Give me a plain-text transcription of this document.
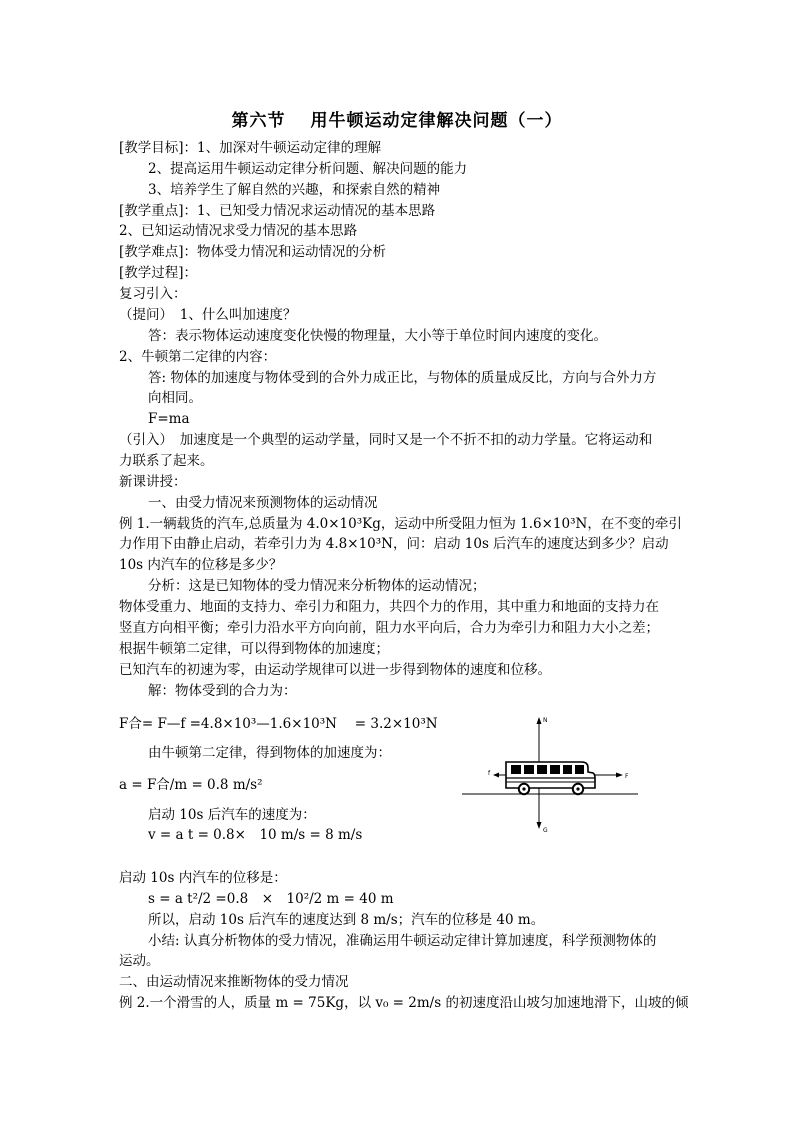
第六节　 用牛顿运动定律解决问题（一）
[教学目标]：1、加深对牛顿运动定律的理解
2、提高运用牛顿运动定律分析问题、解决问题的能力
3、培养学生了解自然的兴趣，和探索自然的精神
[教学重点]：1、已知受力情况求运动情况的基本思路
2、已知运动情况求受力情况的基本思路
[教学难点]：物体受力情况和运动情况的分析
[教学过程]：
复习引入：
（提问）　1、什么叫加速度？
答：表示物体运动速度变化快慢的物理量，大小等于单位时间内速度的变化。
2、牛顿第二定律的内容：
答: 物体的加速度与物体受到的合外力成正比，与物体的质量成反比，方向与合外力方
向相同。
F=ma
（引入）　加速度是一个典型的运动学量，同时又是一个不折不扣的动力学量。它将运动和
力联系了起来。
新课讲授：
一、由受力情况来预测物体的运动情况
例 1.一辆载货的汽车,总质量为 4.0×10³Kg，运动中所受阻力恒为 1.6×10³N，在不变的牵引
力作用下由静止启动，若牵引力为 4.8×10³N，问：启动 10s 后汽车的速度达到多少？启动
10s 内汽车的位移是多少？
分析：这是已知物体的受力情况来分析物体的运动情况；
物体受重力、地面的支持力、牵引力和阻力，共四个力的作用，其中重力和地面的支持力在
竖直方向相平衡；牵引力沿水平方向向前，阻力水平向后，合力为牵引力和阻力大小之差；
根据牛顿第二定律，可以得到物体的加速度；
已知汽车的初速为零，由运动学规律可以进一步得到物体的速度和位移。
解：物体受到的合力为：
F合= F—f =4.8×10³—1.6×10³N　 = 3.2×10³N
由牛顿第二定律，得到物体的加速度为：
a = F合/m = 0.8 m/s²
启动 10s 后汽车的速度为：
v = a t = 0.8×　10 m/s = 8 m/s
启动 10s 内汽车的位移是：
s = a t²/2 =0.8　×　10²/2 m = 40 m
所以，启动 10s 后汽车的速度达到 8 m/s；汽车的位移是 40 m。
小结: 认真分析物体的受力情况，准确运用牛顿运动定律计算加速度，科学预测物体的
运动。
二、由运动情况来推断物体的受力情况
例 2.一个滑雪的人，质量 m = 75Kg，以 v₀ = 2m/s 的初速度沿山坡匀加速地滑下，山坡的倾
N
G
F
f
